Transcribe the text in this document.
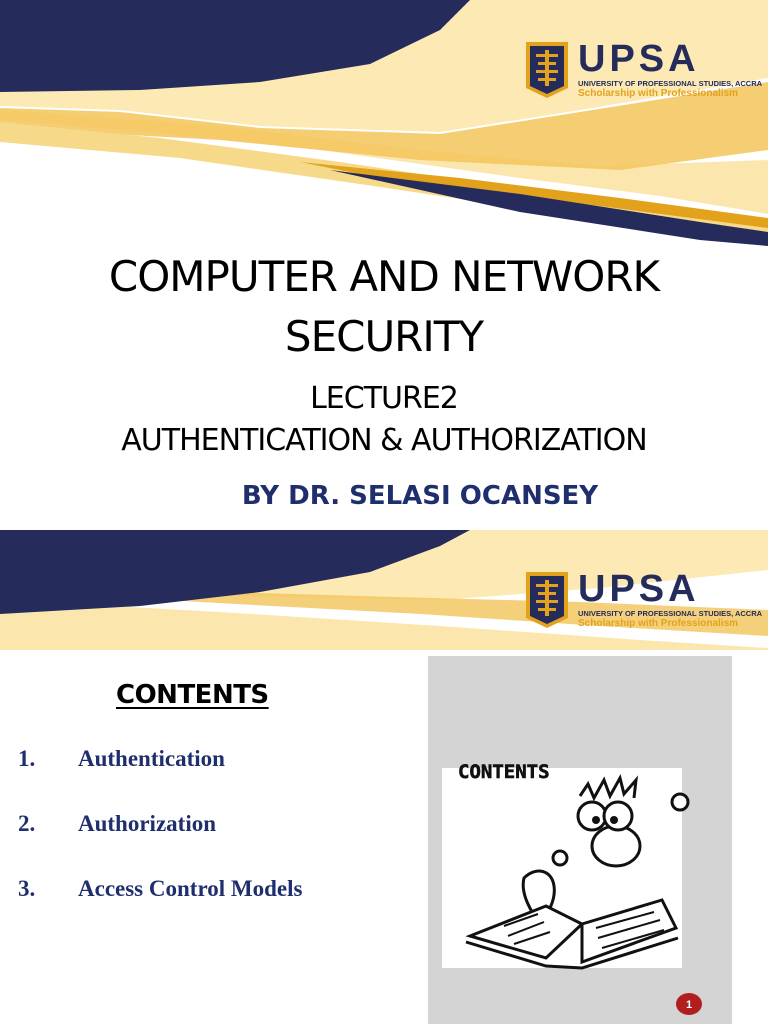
UPSA
UNIVERSITY OF PROFESSIONAL STUDIES, ACCRA
Scholarship with Professionalism
COMPUTER AND NETWORK
SECURITY
LECTURE2
AUTHENTICATION & AUTHORIZATION
BY DR. SELASI OCANSEY
UPSA
UNIVERSITY OF PROFESSIONAL STUDIES, ACCRA
Scholarship with Professionalism
CONTENTS
1. Authentication
2. Authorization
3. Access Control Models
CONTENTS
1
